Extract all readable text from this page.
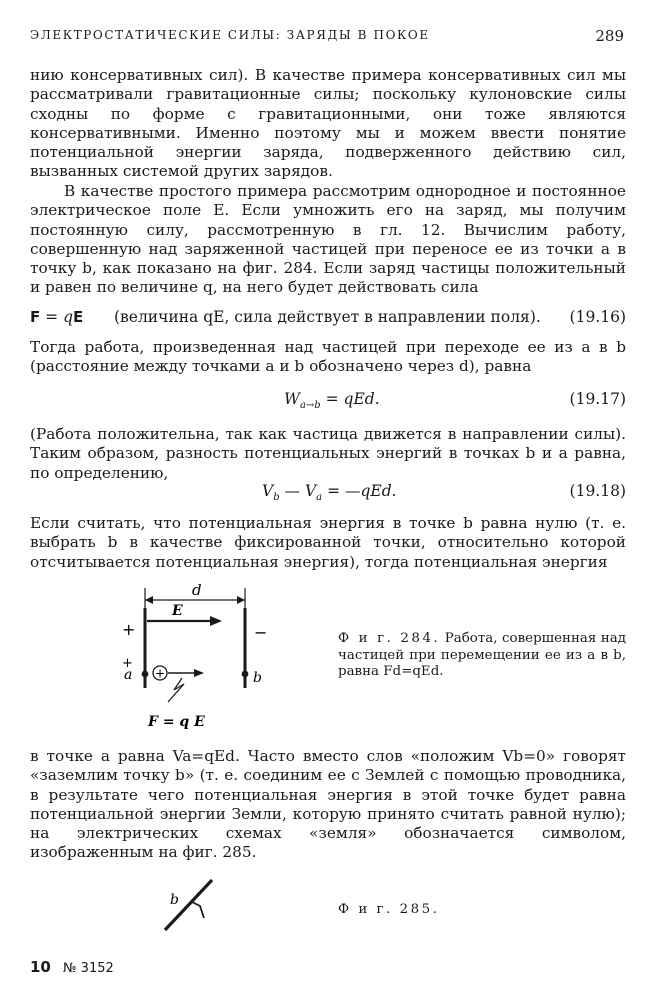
ЭЛЕКТРОСТАТИЧЕСКИЕ СИЛЫ: ЗАРЯДЫ В ПОКОЕ	289

нию консервативных сил). В качестве примера консервативных сил мы рассматривали гравитационные силы; поскольку кулоновские силы сходны по форме с гравитационными, они тоже являются консервативными. Именно поэтому мы и можем ввести понятие потенциальной энергии заряда, подверженного действию сил, вызванных системой других зарядов.

В качестве простого примера рассмотрим однородное и постоянное электрическое поле E. Если умножить его на заряд, мы получим постоянную силу, рассмотренную в гл. 12. Вычислим работу, совершенную над заряженной частицей при переносе ее из точки a в точку b, как показано на фиг. 284. Если заряд частицы положительный и равен по величине q, на него будет действовать сила

F = qE (величина qE, сила действует в направлении поля). (19.16)

Тогда работа, произведенная над частицей при переходе ее из a в b (расстояние между точками a и b обозначено через d), равна

$W_{a\to b}$ = qEd.	(19.17)

(Работа положительна, так как частица движется в направлении силы). Таким образом, разность потенциальных энергий в точках b и a равна, по определению,

$V_b$ — $V_a$ = —qEd.	(19.18)

Если считать, что потенциальная энергия в точке b равна нулю (т. е. выбрать b в качестве фиксированной точки, относительно которой отсчитывается потенциальная энергия), тогда потенциальная энергия

d
E
+
+
−
a	b
+
F = q E
Ф и г. 284. Работа, совершенная над частицей при перемещении ее из a в b, равна Fd=qEd.

в точке a равна Va=qEd. Часто вместо слов «положим Vb=0» говорят «заземлим точку b» (т. е. соединим ее с Землей с помощью проводника, в результате чего потенциальная энергия в этой точке будет равна потенциальной энергии Земли, которую принято считать равной нулю); на электрических схемах «земля» обозначается символом, изображенным на фиг. 285.

b
Ф и г. 285.
10 № 3152
